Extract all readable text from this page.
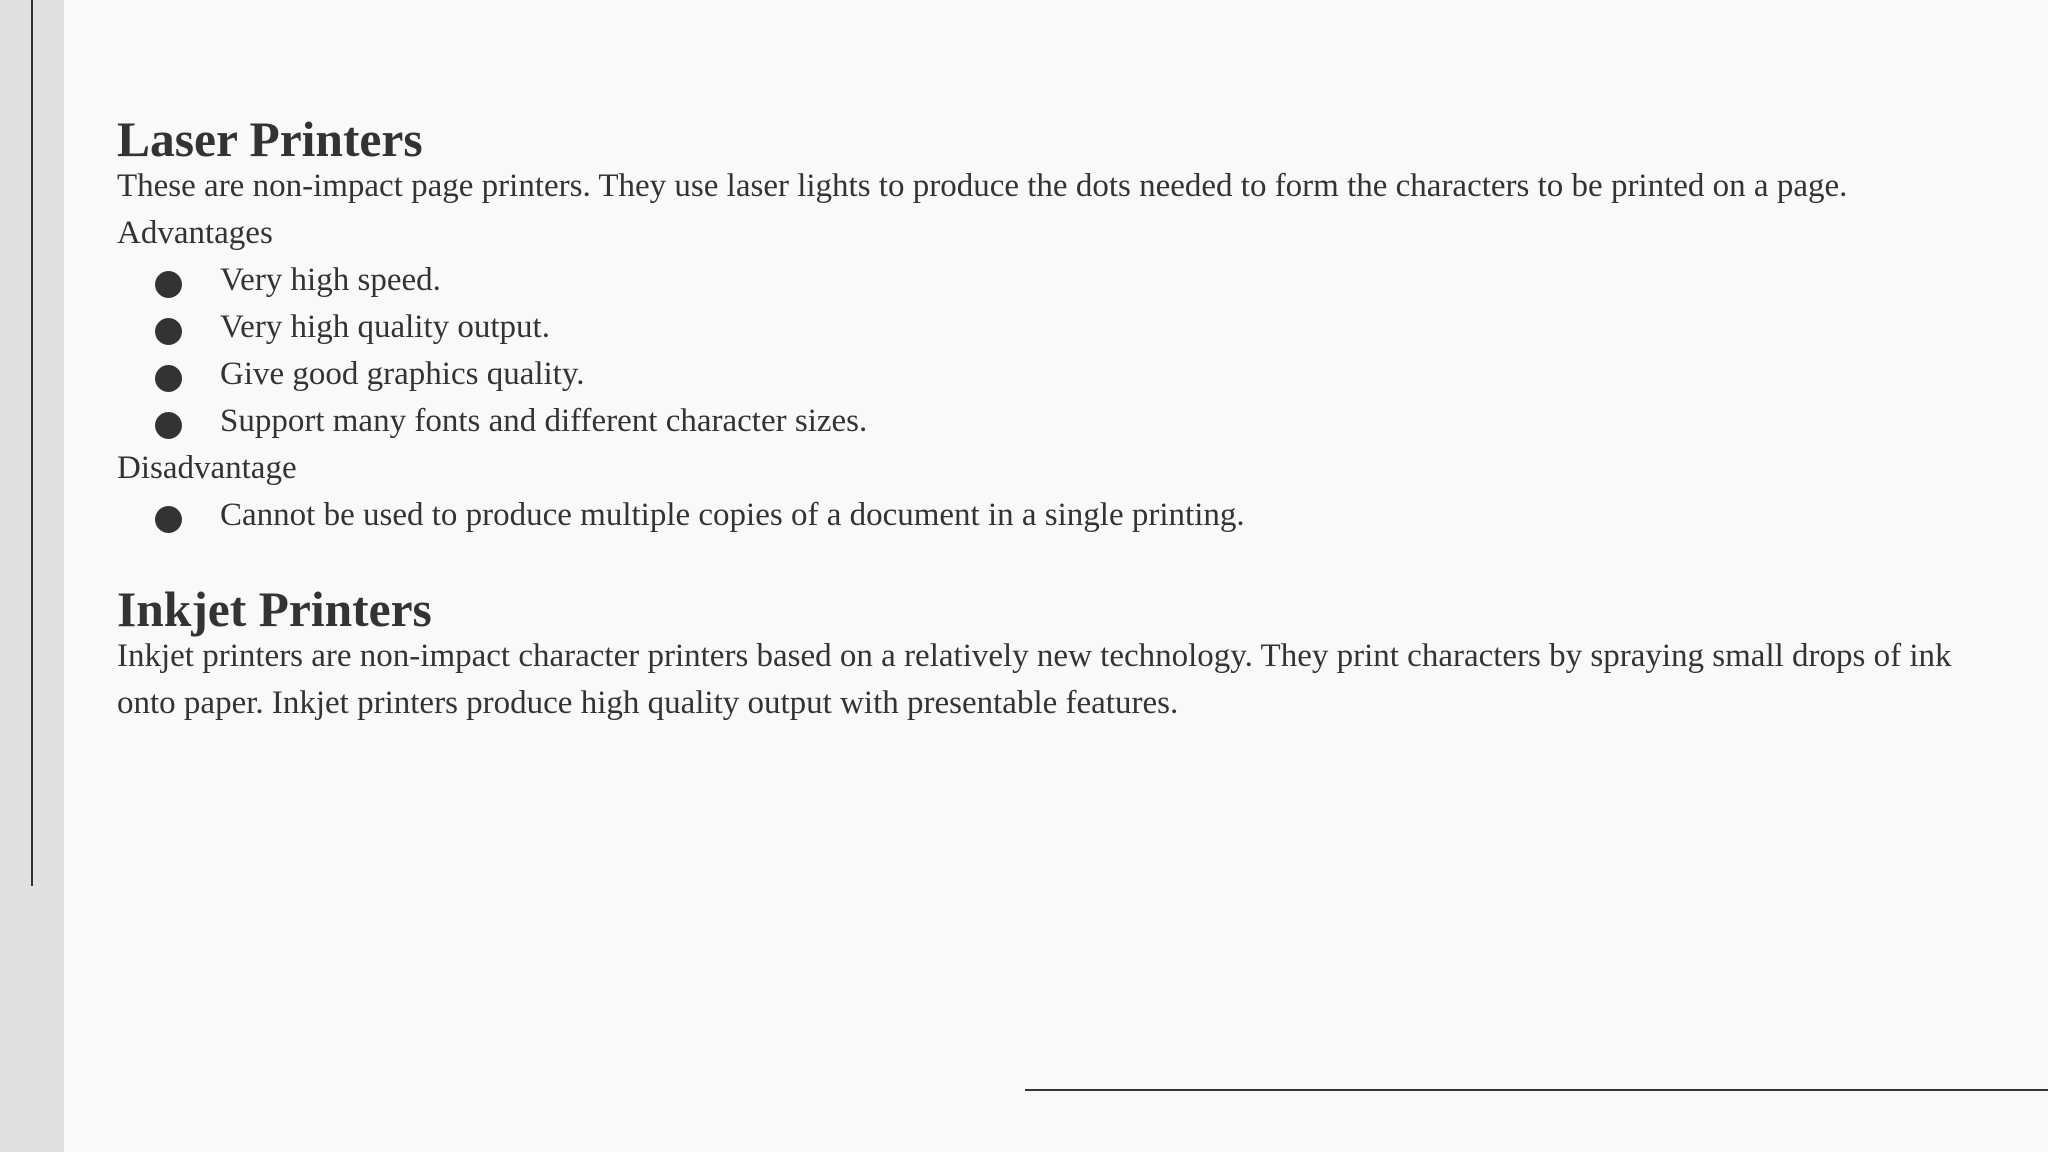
Laser Printers

These are non-impact page printers. They use laser lights to produce the dots needed to form the characters to be printed on a page.

Advantages

Very high speed.
Very high quality output.
Give good graphics quality.
Support many fonts and different character sizes.

Disadvantage

Cannot be used to produce multiple copies of a document in a single printing.
Inkjet Printers

Inkjet printers are non-impact character printers based on a relatively new technology. They print characters by spraying small drops of ink onto paper. Inkjet printers produce high quality output with presentable features.
